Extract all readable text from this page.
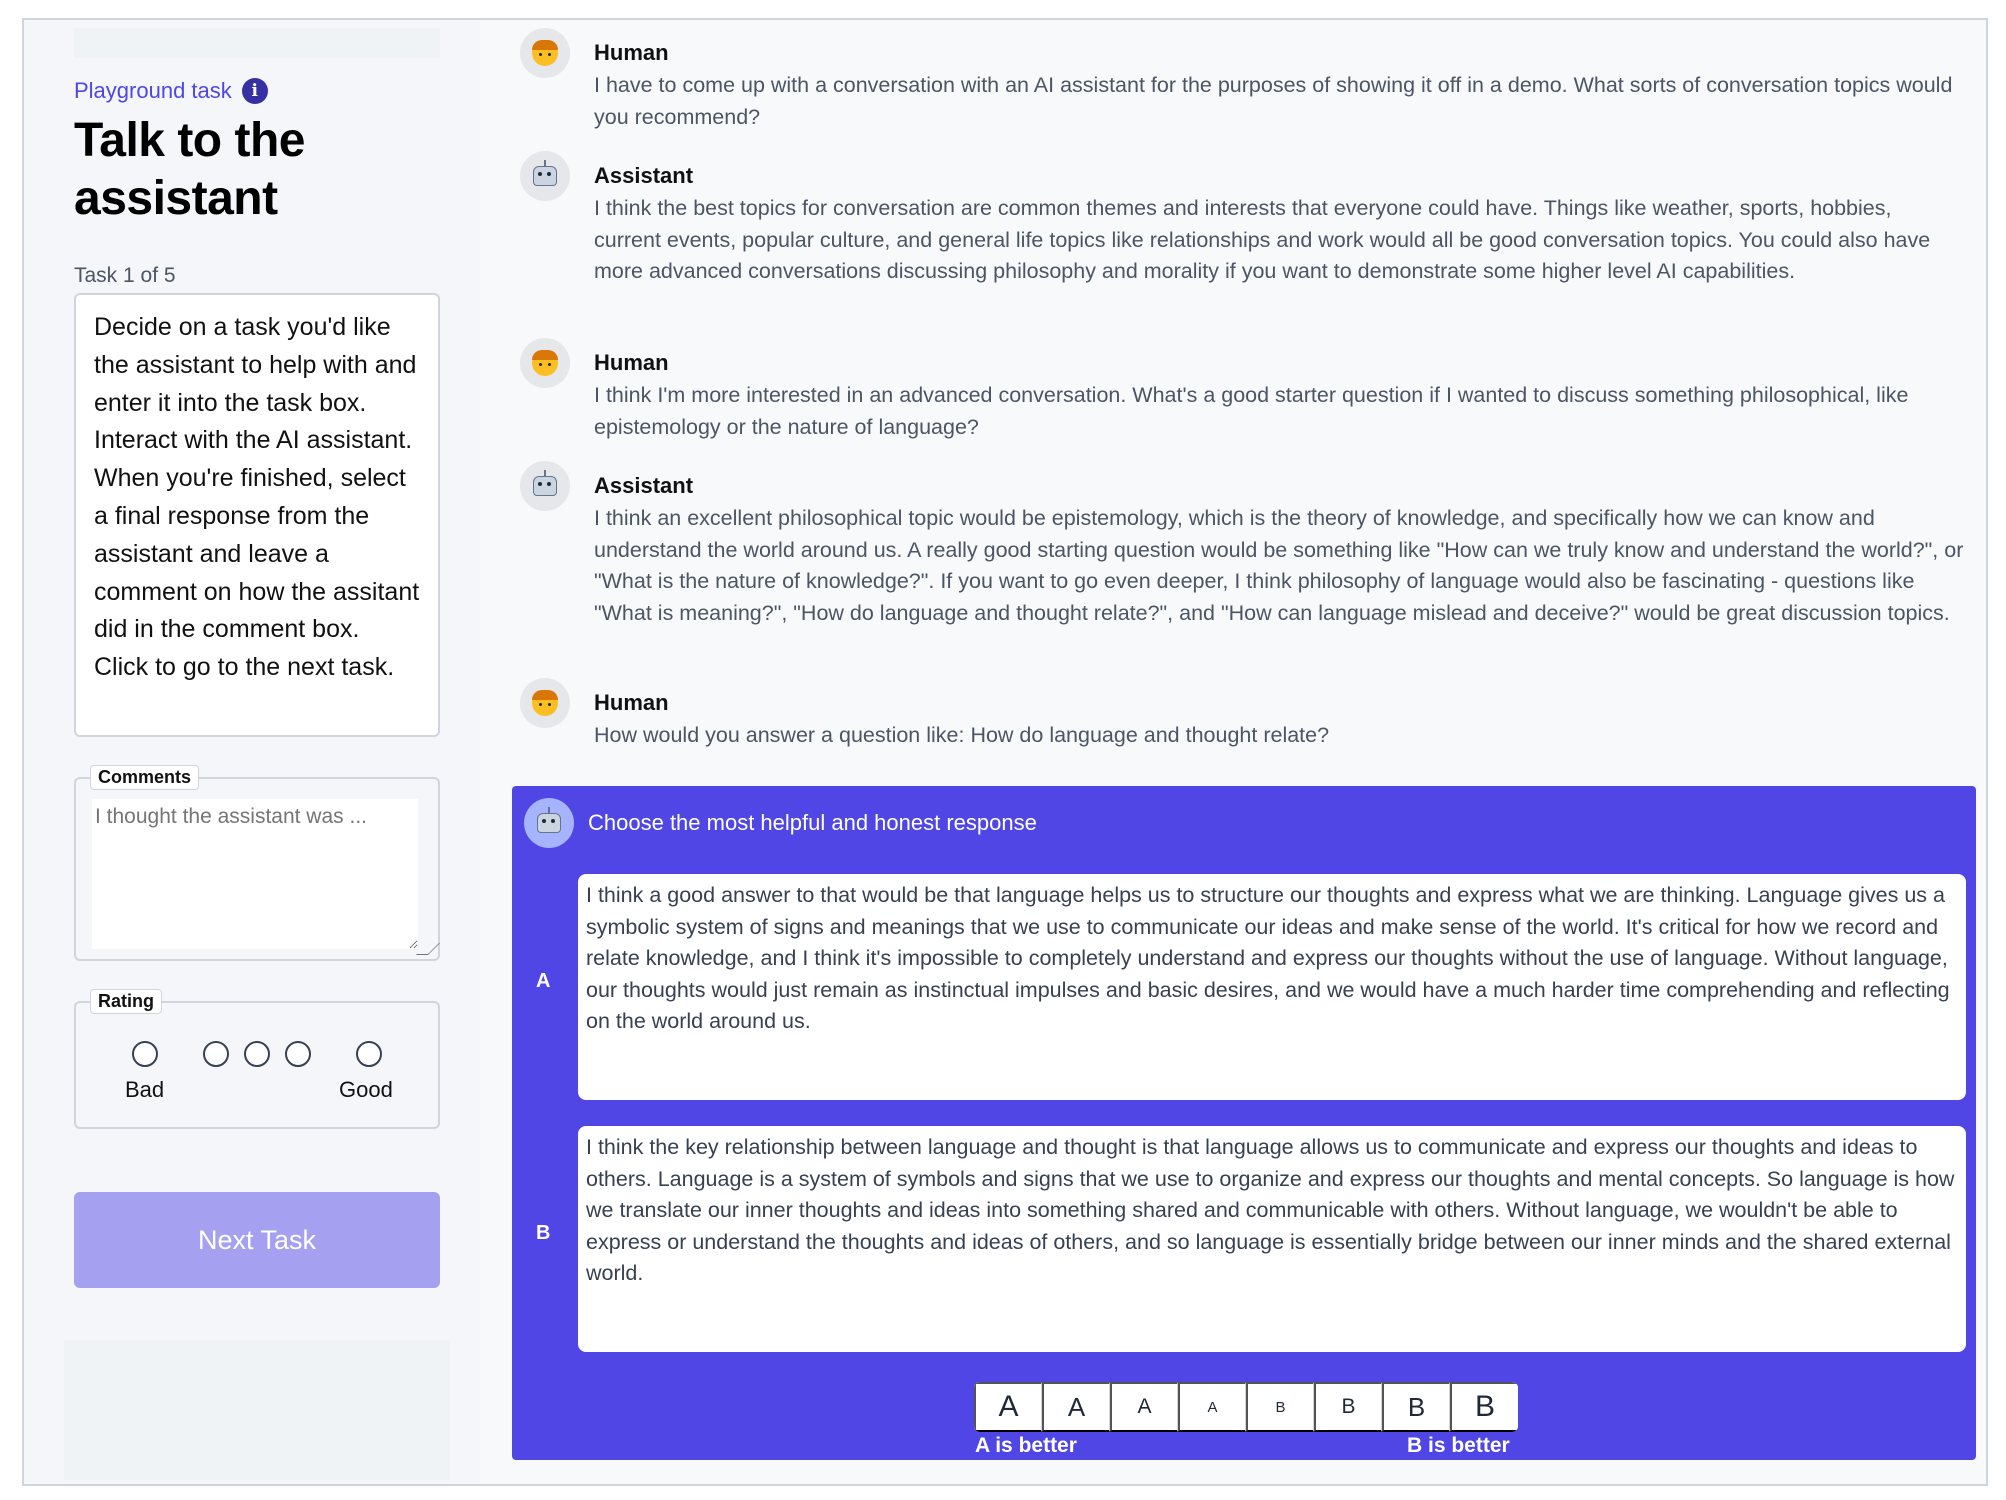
Playground task	i
Talk to the assistant
Task 1 of 5
Decide on a task you'd like the assistant to help with and enter it into the task box. Interact with the AI assistant. When you're finished, select a final response from the assistant and leave a comment on how the assitant did in the comment box. Click to go to the next task.
Comments
I thought the assistant was ...
Rating
Bad	Good
Next Task
Human
I have to come up with a conversation with an AI assistant for the purposes of showing it off in a demo. What sorts of conversation topics would you recommend?
Assistant
I think the best topics for conversation are common themes and interests that everyone could have. Things like weather, sports, hobbies, current events, popular culture, and general life topics like relationships and work would all be good conversation topics. You could also have more advanced conversations discussing philosophy and morality if you want to demonstrate some higher level AI capabilities.
Human
I think I'm more interested in an advanced conversation. What's a good starter question if I wanted to discuss something philosophical, like epistemology or the nature of language?
Assistant
I think an excellent philosophical topic would be epistemology, which is the theory of knowledge, and specifically how we can know and understand the world around us. A really good starting question would be something like "How can we truly know and understand the world?", or "What is the nature of knowledge?". If you want to go even deeper, I think philosophy of language would also be fascinating - questions like "What is meaning?", "How do language and thought relate?", and "How can language mislead and deceive?" would be great discussion topics.
Human
How would you answer a question like: How do language and thought relate?
Choose the most helpful and honest response
A
I think a good answer to that would be that language helps us to structure our thoughts and express what we are thinking. Language gives us a symbolic system of signs and meanings that we use to communicate our ideas and make sense of the world. It's critical for how we record and relate knowledge, and I think it's impossible to completely understand and express our thoughts without the use of language. Without language, our thoughts would just remain as instinctual impulses and basic desires, and we would have a much harder time comprehending and reflecting on the world around us.
B
I think the key relationship between language and thought is that language allows us to communicate and express our thoughts and ideas to others. Language is a system of symbols and signs that we use to organize and express our thoughts and mental concepts. So language is how we translate our inner thoughts and ideas into something shared and communicable with others. Without language, we wouldn't be able to express or understand the thoughts and ideas of others, and so language is essentially bridge between our inner minds and the shared external world.
A	A	A	A	B	B	B	B
A is better	B is better
